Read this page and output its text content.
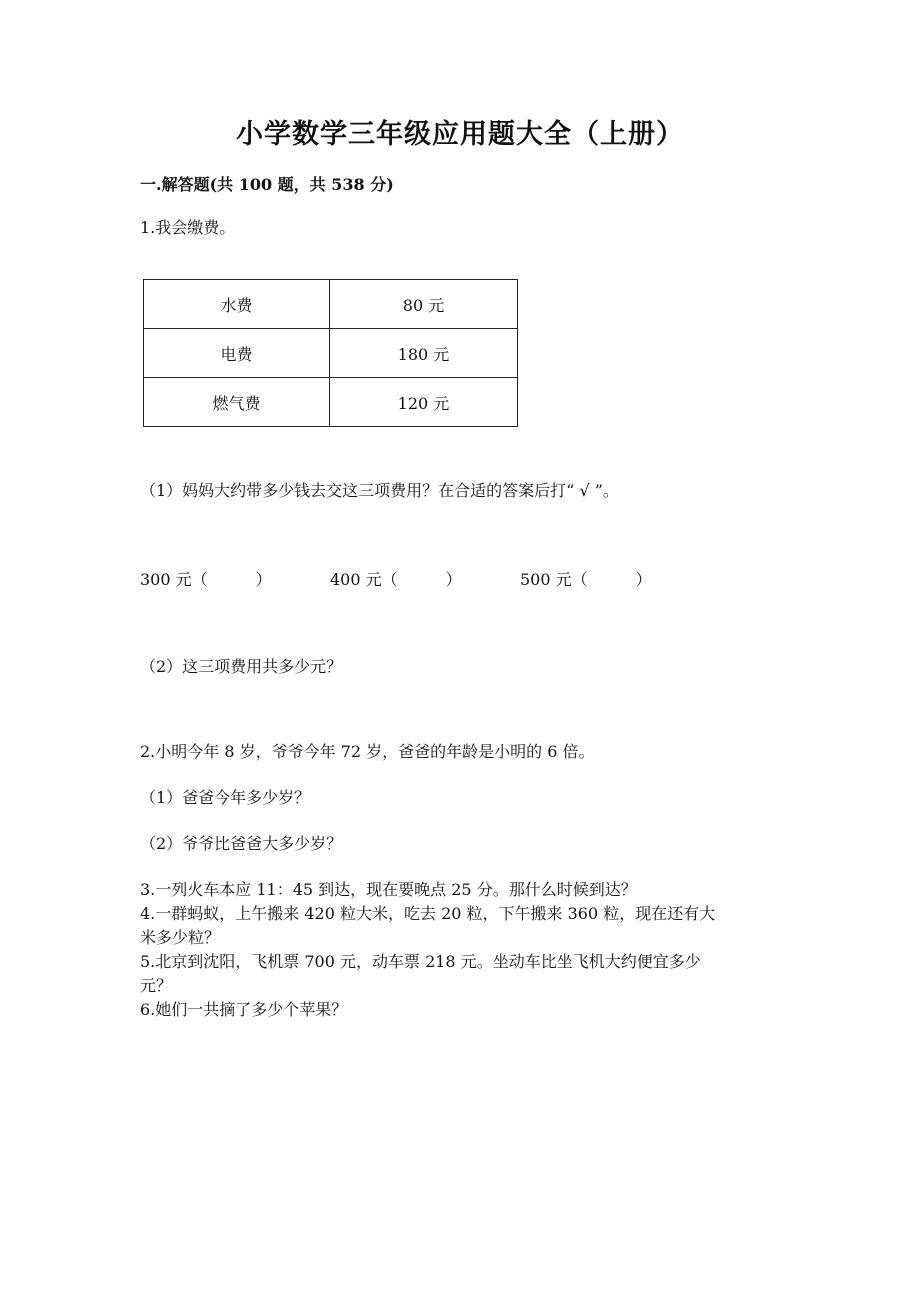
小学数学三年级应用题大全（上册）
一.解答题(共 100 题，共 538 分)
1.我会缴费。
水费	80 元
电费	180 元
燃气费	120 元
（1）妈妈大约带多少钱去交这三项费用？在合适的答案后打“ √ ”。
300 元（　　　）	400 元（　　　）	500 元（　　　）
（2）这三项费用共多少元？
2.小明今年 8 岁，爷爷今年 72 岁，爸爸的年龄是小明的 6 倍。
（1）爸爸今年多少岁？
（2）爷爷比爸爸大多少岁？
3.一列火车本应 11：45 到达，现在要晚点 25 分。那什么时候到达？
4.一群蚂蚁，上午搬来 420 粒大米，吃去 20 粒，下午搬来 360 粒，现在还有大
米多少粒？
5.北京到沈阳，飞机票 700 元，动车票 218 元。坐动车比坐飞机大约便宜多少
元？
6.她们一共摘了多少个苹果？
